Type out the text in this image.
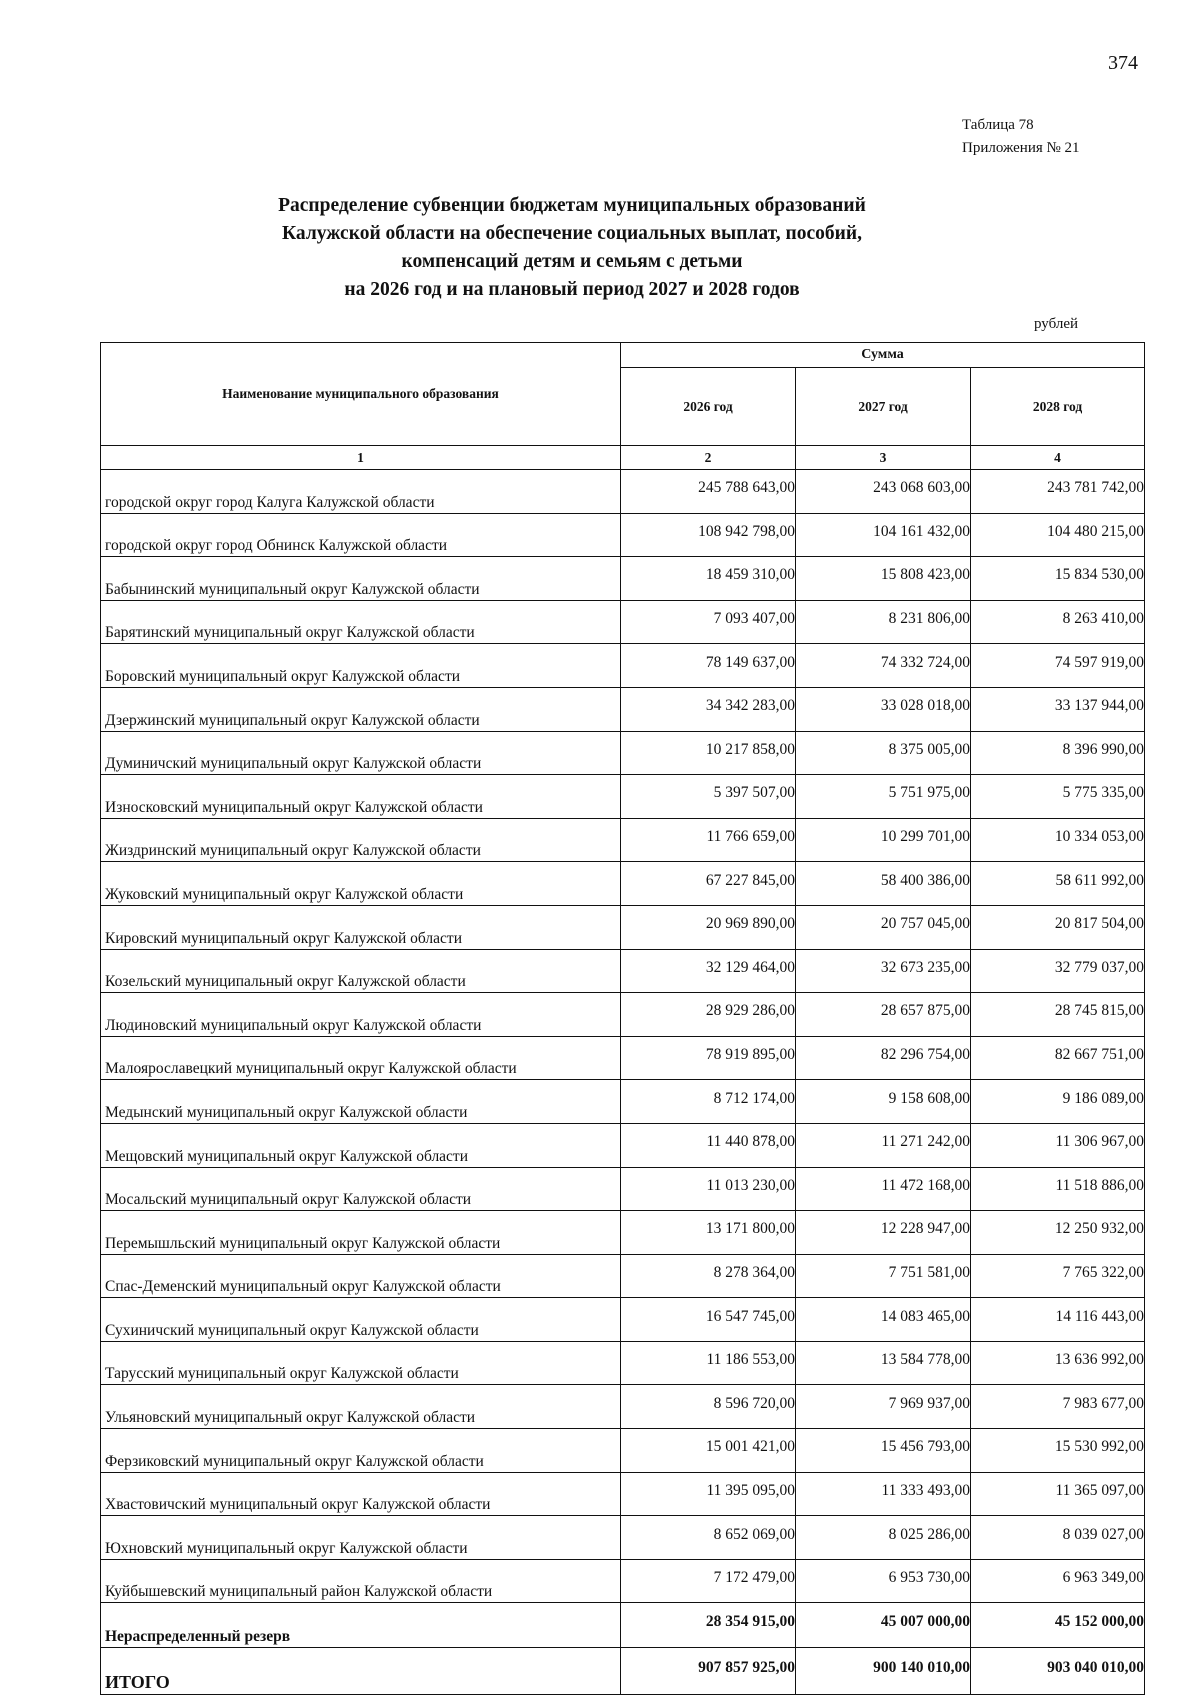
374
Таблица 78
Приложения № 21
Распределение субвенции бюджетам муниципальных образований
Калужской области на обеспечение социальных выплат, пособий,
компенсаций детям и семьям с детьми
на 2026 год и на плановый период 2027 и 2028 годов
рублей
Наименование муниципального образования	Сумма		
	2026 год	2027 год	2028 год
1	2	3	4
городской округ город Калуга Калужской области	245 788 643,00	243 068 603,00	243 781 742,00
городской округ город Обнинск Калужской области	108 942 798,00	104 161 432,00	104 480 215,00
Бабынинский муниципальный округ Калужской области	18 459 310,00	15 808 423,00	15 834 530,00
Барятинский муниципальный округ Калужской области	7 093 407,00	8 231 806,00	8 263 410,00
Боровский муниципальный округ Калужской области	78 149 637,00	74 332 724,00	74 597 919,00
Дзержинский муниципальный округ Калужской области	34 342 283,00	33 028 018,00	33 137 944,00
Думиничский муниципальный округ Калужской области	10 217 858,00	8 375 005,00	8 396 990,00
Износковский муниципальный округ Калужской области	5 397 507,00	5 751 975,00	5 775 335,00
Жиздринский муниципальный округ Калужской области	11 766 659,00	10 299 701,00	10 334 053,00
Жуковский муниципальный округ Калужской области	67 227 845,00	58 400 386,00	58 611 992,00
Кировский муниципальный округ Калужской области	20 969 890,00	20 757 045,00	20 817 504,00
Козельский муниципальный округ Калужской области	32 129 464,00	32 673 235,00	32 779 037,00
Людиновский муниципальный округ Калужской области	28 929 286,00	28 657 875,00	28 745 815,00
Малоярославецкий муниципальный округ Калужской области	78 919 895,00	82 296 754,00	82 667 751,00
Медынский муниципальный округ Калужской области	8 712 174,00	9 158 608,00	9 186 089,00
Мещовский муниципальный округ Калужской области	11 440 878,00	11 271 242,00	11 306 967,00
Мосальский муниципальный округ Калужской области	11 013 230,00	11 472 168,00	11 518 886,00
Перемышльский муниципальный округ Калужской области	13 171 800,00	12 228 947,00	12 250 932,00
Спас-Деменский муниципальный округ Калужской области	8 278 364,00	7 751 581,00	7 765 322,00
Сухиничский муниципальный округ Калужской области	16 547 745,00	14 083 465,00	14 116 443,00
Тарусский муниципальный округ Калужской области	11 186 553,00	13 584 778,00	13 636 992,00
Ульяновский муниципальный округ Калужской области	8 596 720,00	7 969 937,00	7 983 677,00
Ферзиковский муниципальный округ Калужской области	15 001 421,00	15 456 793,00	15 530 992,00
Хвастовичский муниципальный округ Калужской области	11 395 095,00	11 333 493,00	11 365 097,00
Юхновский муниципальный округ Калужской области	8 652 069,00	8 025 286,00	8 039 027,00
Куйбышевский муниципальный район Калужской области	7 172 479,00	6 953 730,00	6 963 349,00
Нераспределенный резерв	28 354 915,00	45 007 000,00	45 152 000,00
ИТОГО	907 857 925,00	900 140 010,00	903 040 010,00
